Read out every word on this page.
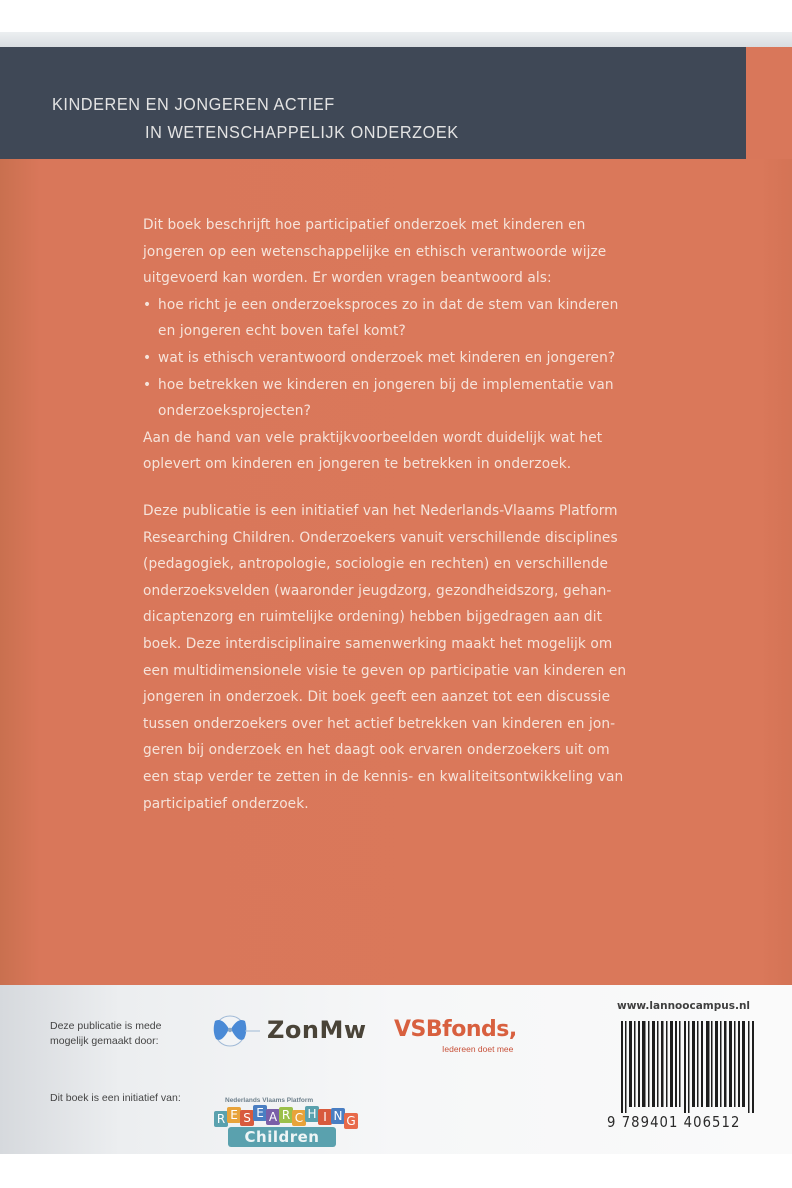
KINDEREN EN JONGEREN ACTIEF
IN WETENSCHAPPELIJK ONDERZOEK
Dit boek beschrijft hoe participatief onderzoek met kinderen en
jongeren op een wetenschappelijke en ethisch verantwoorde wijze
uitgevoerd kan worden. Er worden vragen beantwoord als:
• hoe richt je een onderzoeksproces zo in dat de stem van kinderen
en jongeren echt boven tafel komt?
• wat is ethisch verantwoord onderzoek met kinderen en jongeren?
• hoe betrekken we kinderen en jongeren bij de implementatie van
onderzoeksprojecten?
Aan de hand van vele praktijkvoorbeelden wordt duidelijk wat het
oplevert om kinderen en jongeren te betrekken in onderzoek.
Deze publicatie is een initiatief van het Nederlands-Vlaams Platform
Researching Children. Onderzoekers vanuit verschillende disciplines
(pedagogiek, antropologie, sociologie en rechten) en verschillende
onderzoeksvelden (waaronder jeugdzorg, gezondheidszorg, gehan-
dicaptenzorg en ruimtelijke ordening) hebben bijgedragen aan dit
boek. Deze interdisciplinaire samenwerking maakt het mogelijk om
een multidimensionele visie te geven op participatie van kinderen en
jongeren in onderzoek. Dit boek geeft een aanzet tot een discussie
tussen onderzoekers over het actief betrekken van kinderen en jon-
geren bij onderzoek en het daagt ook ervaren onderzoekers uit om
een stap verder te zetten in de kennis- en kwaliteitsontwikkeling van
participatief onderzoek.
Deze publicatie is mede
mogelijk gemaakt door:	ZonMw VSBfonds,
Iedereen doet mee
Dit boek is een initiatief van:	Nederlands Vlaams Platform
R E S E A R C H I N G
Children
www.lannoocampus.nl
9 789401 406512
